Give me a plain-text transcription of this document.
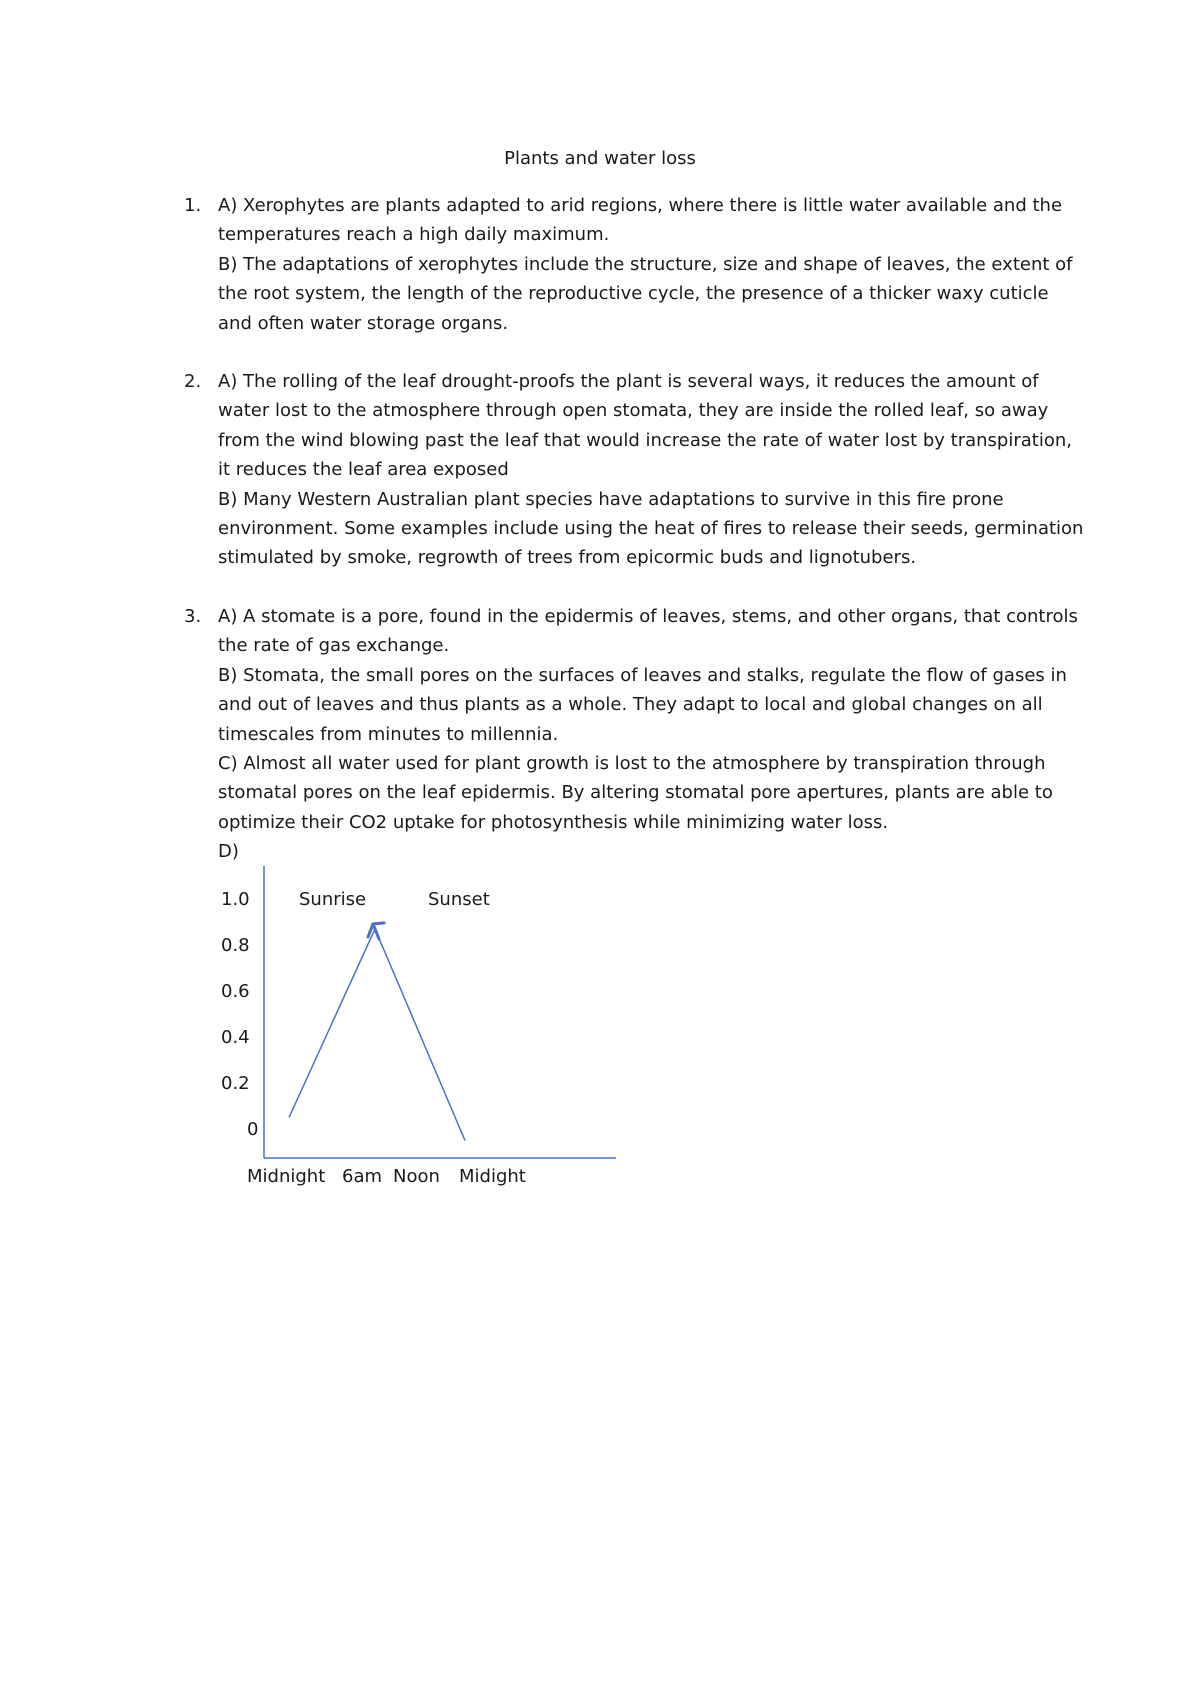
Plants and water loss
1. A) Xerophytes are plants adapted to arid regions, where there is little water available and the temperatures reach a high daily maximum.

B) The adaptations of xerophytes include the structure, size and shape of leaves, the extent of the root system, the length of the reproductive cycle, the presence of a thicker waxy cuticle and often water storage organs.

2. A) The rolling of the leaf drought-proofs the plant is several ways, it reduces the amount of water lost to the atmosphere through open stomata, they are inside the rolled leaf, so away from the wind blowing past the leaf that would increase the rate of water lost by transpiration, it reduces the leaf area exposed

B) Many Western Australian plant species have adaptations to survive in this fire prone environment. Some examples include using the heat of fires to release their seeds, germination stimulated by smoke, regrowth of trees from epicormic buds and lignotubers.

3. A) A stomate is a pore, found in the epidermis of leaves, stems, and other organs, that controls the rate of gas exchange.

B) Stomata, the small pores on the surfaces of leaves and stalks, regulate the flow of gases in and out of leaves and thus plants as a whole. They adapt to local and global changes on all timescales from minutes to millennia.

C) Almost all water used for plant growth is lost to the atmosphere by transpiration through stomatal pores on the leaf epidermis. By altering stomatal pore apertures, plants are able to optimize their CO2 uptake for photosynthesis while minimizing water loss.

D)

1.0
0.8
0.6
0.4
0.2
0
Sunrise	Sunset
Midnight 6am Noon Midight
